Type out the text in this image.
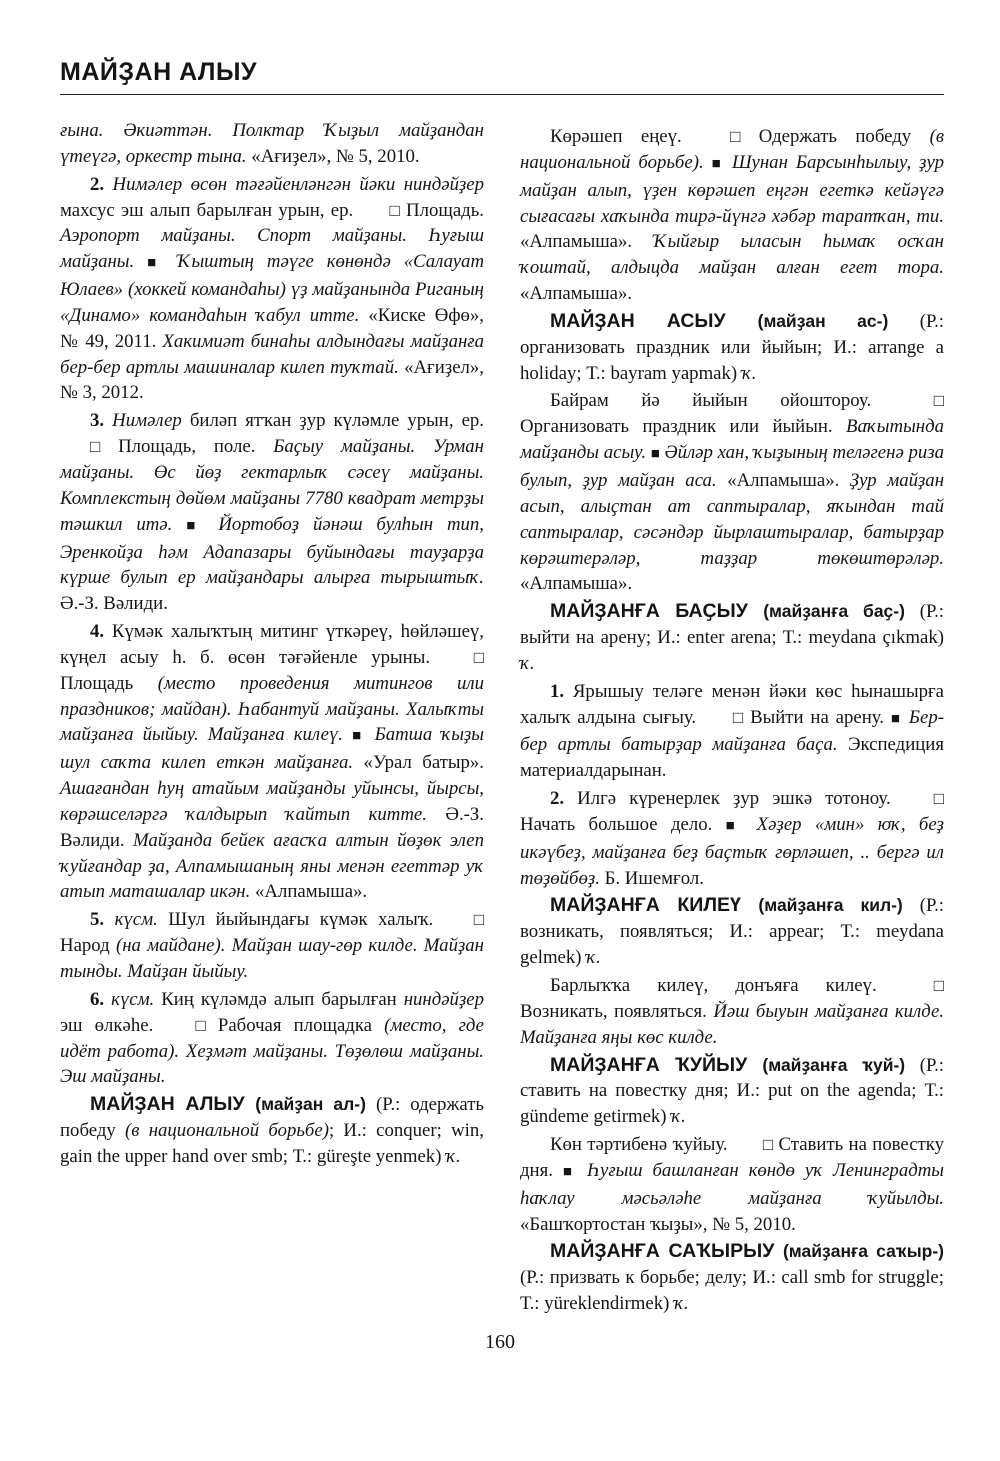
МАЙҘАН АЛЫУ

ғына. Әкиәттән. Полктар Ҡыҙыл майҙандан үтеүгә, оркестр тына. «Ағиҙел», № 5, 2010.

2. Нимәлер өсөн тәғәйенләнгән йәки ниндәйҙер махсус эш алып барылған урын, ер. □ Площадь. Аэропорт майҙаны. Спорт майҙаны. Һуғыш майҙаны. ■ Ҡыштың тәүге көнөндә «Салауат Юлаев» (хоккей командаһы) үҙ майҙанында Риганың «Динамо» командаһын ҡабул итте. «Киске Өфө», № 49, 2011. Хакимиәт бинаһы алдындағы майҙанға бер-бер артлы машиналар килеп туҡтай. «Ағиҙел», № 3, 2012.

3. Нимәлер биләп ятҡан ҙур күләмле урын, ер. □ Площадь, поле. Баҫыу майҙаны. Урман майҙаны. Өс йөҙ гектарлыҡ сәсеү майҙаны. Комплекстың дөйөм майҙаны 7780 квадрат метрҙы тәшкил итә. ■ Йортобоҙ йәнәш булһын тип, Эренкойҙа һәм Адапазары буйындағы тауҙарҙа күрше булып ер майҙандары алырға тырыштыҡ. Ә.-З. Вәлиди.

4. Күмәк халыҡтың митинг үткәреү, һөйләшеү, күңел асыу һ. б. өсөн тәғәйенле урыны. □ Площадь (место проведения митингов или праздников; майдан). Һабантуй майҙаны. Халыҡты майҙанға йыйыу. Майҙанға килеү. ■ Батша ҡыҙы шул саҡта килеп еткән майҙанға. «Урал батыр». Ашағандан һуң атайым майҙанды уйынсы, йырсы, көрәшселәргә ҡалдырып ҡайтып китте. Ә.-З. Вәлиди. Майҙанда бейек ағасҡа алтын йөҙөк элеп ҡуйғандар ҙа, Алпамышаның яны менән егеттәр уҡ атып маташалар икән. «Алпамыша».

5. күсм. Шул йыйындағы күмәк халыҡ. □ Народ (на майдане). Майҙан шау-гөр килде. Майҙан тынды. Майҙан йыйыу.

6. күсм. Киң күләмдә алып барылған ниндәйҙер эш өлкәһе. □ Рабочая площадка (место, где идёт работа). Хеҙмәт майҙаны. Төҙөлөш майҙаны. Эш майҙаны.

МАЙҘАН АЛЫУ (майҙан ал-) (Р.: одержать победу (в национальной борьбе); И.: conquer; win, gain the upper hand over smb; Т.: güreşte yenmek) ҡ.

Көрәшеп еңеү. □ Одержать победу (в национальной борьбе). ■ Шунан Барсынһылыу, ҙур майҙан алып, үҙен көрәшеп еңгән егеткә кейәүгә сығасағы хаҡында тирә-йүнгә хәбәр таратҡан, ти. «Алпамыша». Ҡыйғыр ылаcын һымаҡ осҡан ҡоштай, алдыцда майҙан алған егет тора. «Алпамыша».

МАЙҘАН АСЫУ (майҙан ас-) (Р.: организовать праздник или йыйын; И.: arrange a holiday; Т.: bayram yapmak) ҡ.

Байрам йә йыйын ойоштороу. □ Организовать праздник или йыйын. Ваҡытында майҙанды асыу. ■ Әйләр хан, ҡыҙының теләгенә риза булып, ҙур майҙан аса. «Алпамыша». Ҙур майҙан асып, алыҫтан ат саптыралар, яҡындан тай саптыралар, сәсәндәр йырлаштыралар, батырҙар көрәштерәләр, таҙҙар төкөштөрәләр. «Алпамыша».

МАЙҘАНҒА БАҪЫУ (майҙанға баҫ-) (Р.: выйти на арену; И.: enter arena; Т.: meydana çıkmak) ҡ.

1. Ярышыу теләге менән йәки көс һынашырға халыҡ алдына сығыу. □ Выйти на арену. ■ Бер-бер артлы батырҙар майҙанға баҫа. Экспедиция материалдарынан.

2. Илгә күренерлек ҙур эшкә тотоноу. □ Начать большое дело. ■ Хәҙер «мин» юҡ, беҙ икәүбеҙ, майҙанға беҙ баҫтыҡ гөрләшеп, .. бергә ил төҙөйбөҙ. Б. Ишемғол.

МАЙҘАНҒА КИЛЕҮ (майҙанға кил-) (Р.: возникать, появляться; И.: appear; Т.: meydana gelmek) ҡ.

Барлыҡҡа килеү, донъяға килеү. □ Возникать, появляться. Йәш быуын майҙанға килде. Майҙанға яңы көс килде.

МАЙҘАНҒА ҠУЙЫУ (майҙанға ҡуй-) (Р.: ставить на повестку дня; И.: put on the agenda; Т.: gündeme getirmek) ҡ.

Көн тәртибенә ҡуйыу. □ Ставить на повестку дня. ■ Һуғыш башланған көндө уҡ Ленинградты һаҡлау мәсьәләһе майҙанға ҡуйылды. «Башҡортостан ҡыҙы», № 5, 2010.

МАЙҘАНҒА САҠЫРЫУ (майҙанға саҡыр-) (Р.: призвать к борьбе; делу; И.: call smb for struggle; Т.: yüreklendirmek) ҡ.

160
